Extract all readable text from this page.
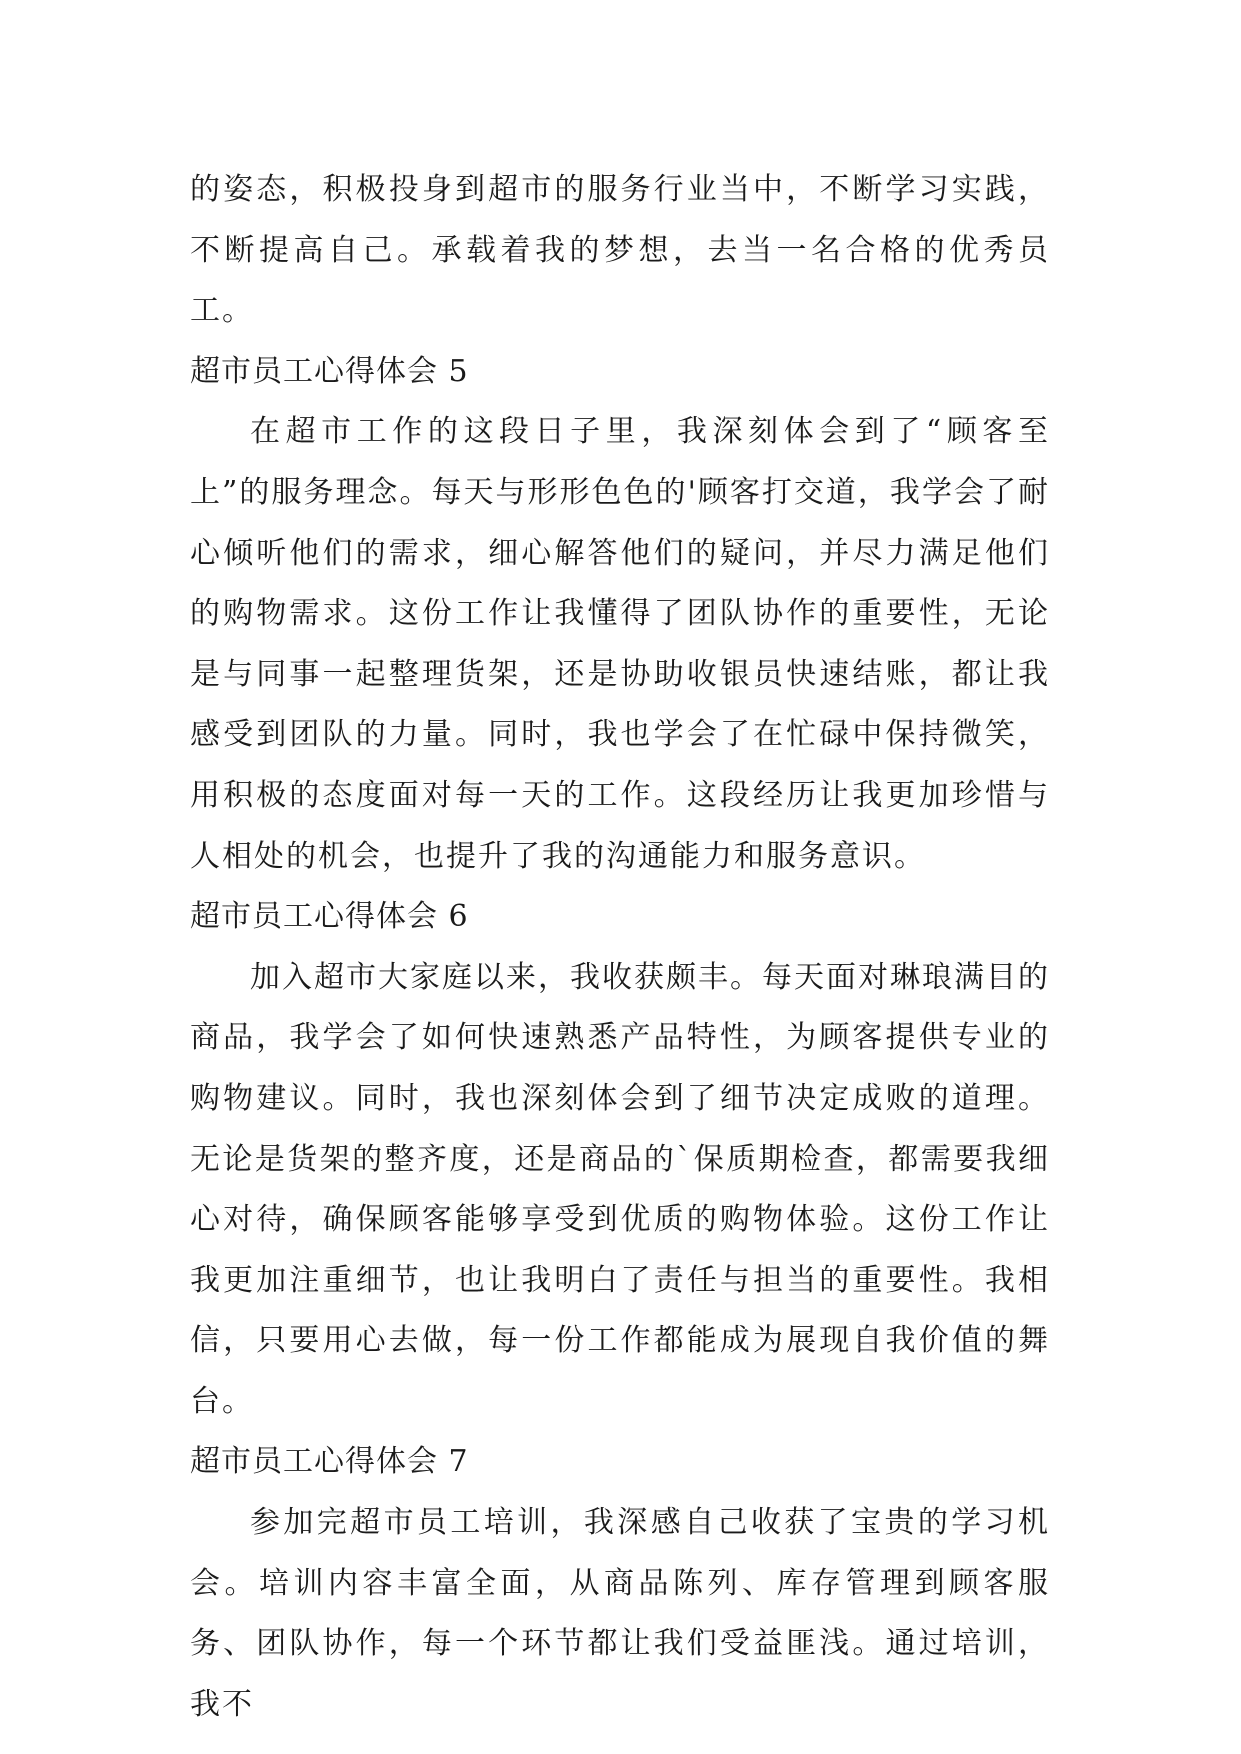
的姿态，积极投身到超市的服务行业当中，不断学习实践，不断提高自己。承载着我的梦想，去当一名合格的优秀员工。

超市员工心得体会 5

在超市工作的这段日子里，我深刻体会到了“顾客至上”的服务理念。每天与形形色色的'顾客打交道，我学会了耐心倾听他们的需求，细心解答他们的疑问，并尽力满足他们的购物需求。这份工作让我懂得了团队协作的重要性，无论是与同事一起整理货架，还是协助收银员快速结账，都让我感受到团队的力量。同时，我也学会了在忙碌中保持微笑，用积极的态度面对每一天的工作。这段经历让我更加珍惜与人相处的机会，也提升了我的沟通能力和服务意识。

超市员工心得体会 6

加入超市大家庭以来，我收获颇丰。每天面对琳琅满目的商品，我学会了如何快速熟悉产品特性，为顾客提供专业的购物建议。同时，我也深刻体会到了细节决定成败的道理。无论是货架的整齐度，还是商品的`保质期检查，都需要我细心对待，确保顾客能够享受到优质的购物体验。这份工作让我更加注重细节，也让我明白了责任与担当的重要性。我相信，只要用心去做，每一份工作都能成为展现自我价值的舞台。

超市员工心得体会 7

参加完超市员工培训，我深感自己收获了宝贵的学习机会。培训内容丰富全面，从商品陈列、库存管理到顾客服务、团队协作，每一个环节都让我们受益匪浅。通过培训，我不
